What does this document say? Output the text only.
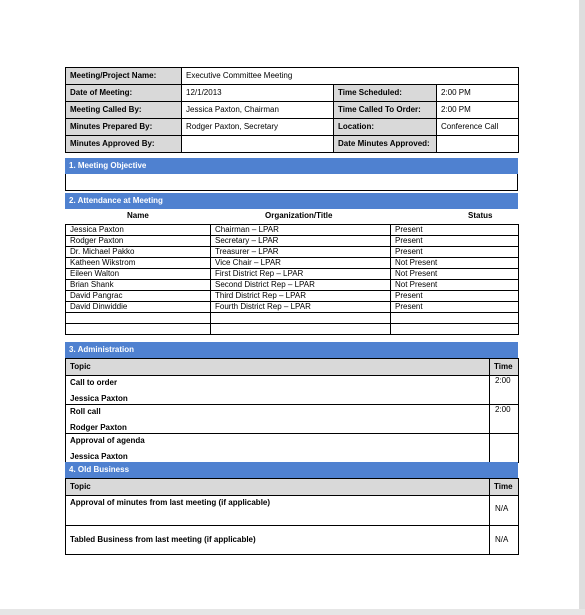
Meeting/Project Name:	Executive Committee Meeting		
Date of Meeting:	12/1/2013	Time Scheduled:	2:00 PM
Meeting Called By:	Jessica Paxton, Chairman	Time Called To Order:	2:00 PM
Minutes Prepared By:	Rodger Paxton, Secretary	Location:	Conference Call
Minutes Approved By:		Date Minutes Approved:	
1. Meeting Objective
2. Attendance at Meeting
Name	Organization/Title	Status
Jessica Paxton	Chairman – LPAR	Present
Rodger Paxton	Secretary – LPAR	Present
Dr. Michael Pakko	Treasurer – LPAR	Present
Katheen Wikstrom	Vice Chair – LPAR	Not Present
Eileen Walton	First District Rep – LPAR	Not Present
Brian Shank	Second District Rep – LPAR	Not Present
David Pangrac	Third District Rep – LPAR	Present
David Dinwiddie	Fourth District Rep – LPAR	Present

3. Administration
Topic	Time

Call to order
Jessica Paxton	2:00

Roll call
Rodger Paxton	2:00

Approval of agenda
Jessica Paxton	

4. Old Business
Topic	Time

Approval of minutes from last meeting (if applicable)	N/A

Tabled Business from last meeting (if applicable)	N/A
